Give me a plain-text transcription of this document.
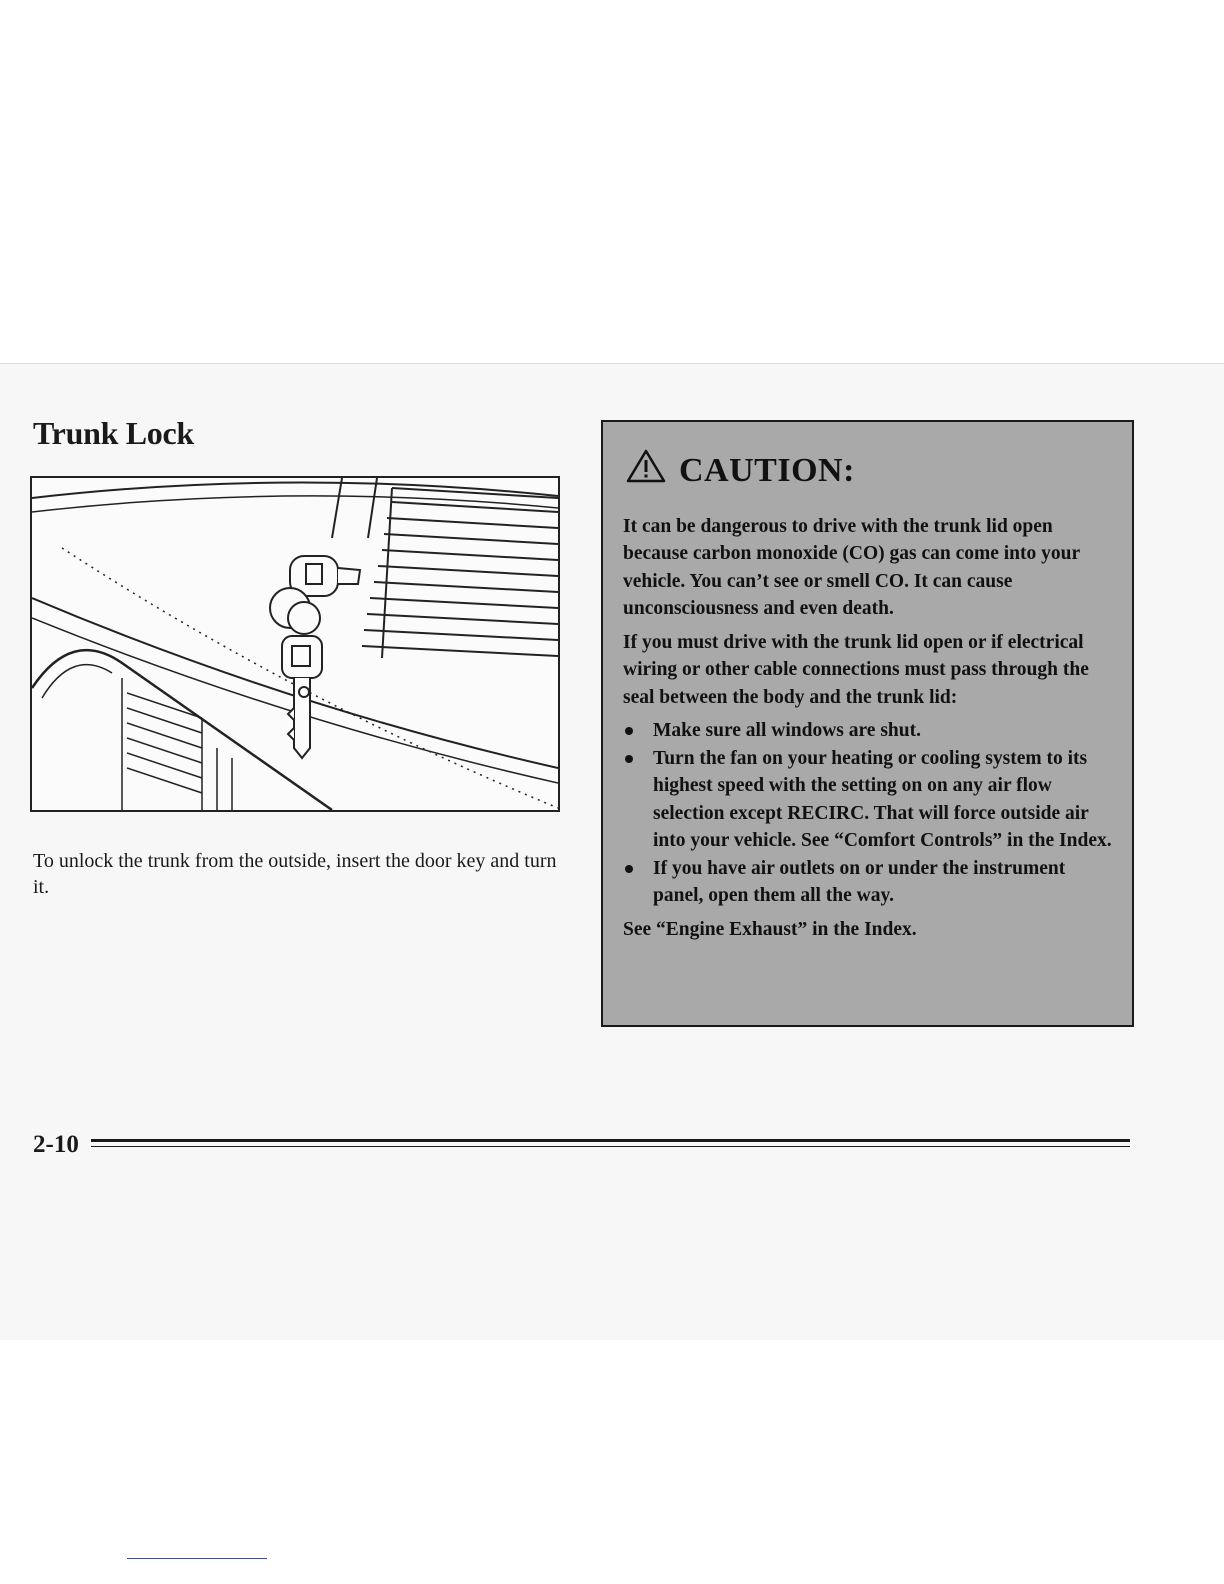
Trunk Lock

To unlock the trunk from the outside, insert the door key and turn it.

CAUTION:

It can be dangerous to drive with the trunk lid open because carbon monoxide (CO) gas can come into your vehicle. You can’t see or smell CO. It can cause unconsciousness and even death.

If you must drive with the trunk lid open or if electrical wiring or other cable connections must pass through the seal between the body and the trunk lid:

Make sure all windows are shut.
Turn the fan on your heating or cooling system to its highest speed with the setting on on any air flow selection except RECIRC. That will force outside air into your vehicle. See “Comfort Controls” in the Index.
If you have air outlets on or under the instrument panel, open them all the way.

See “Engine Exhaust” in the Index.

2-10
